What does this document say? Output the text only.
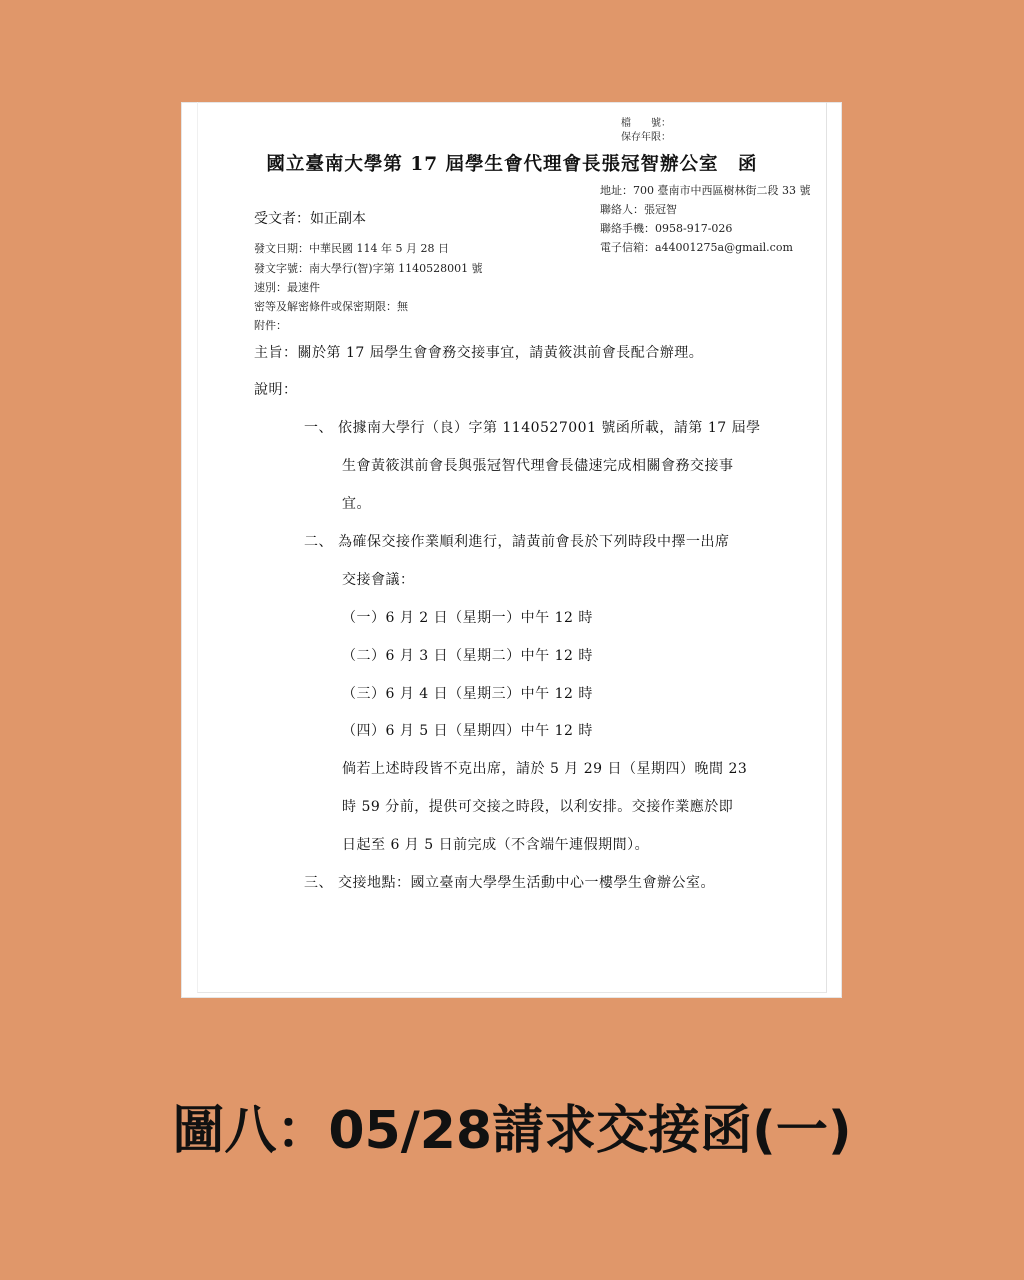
檔　　號：
保存年限：
國立臺南大學第 17 屆學生會代理會長張冠智辦公室　函
地址：700 臺南市中西區樹林街二段 33 號
聯絡人：張冠智
聯絡手機：0958-917-026
電子信箱：a44001275a@gmail.com
受文者：如正副本
發文日期：中華民國 114 年 5 月 28 日
發文字號：南大學行(智)字第 1140528001 號
速別：最速件
密等及解密條件或保密期限：無
附件：
主旨：關於第 17 屆學生會會務交接事宜，請黃筱淇前會長配合辦理。
說明：
一、 依據南大學行（良）字第 1140527001 號函所載，請第 17 屆學
生會黃筱淇前會長與張冠智代理會長儘速完成相關會務交接事
宜。
二、 為確保交接作業順利進行，請黃前會長於下列時段中擇一出席
交接會議：
（一）6 月 2 日（星期一）中午 12 時
（二）6 月 3 日（星期二）中午 12 時
（三）6 月 4 日（星期三）中午 12 時
（四）6 月 5 日（星期四）中午 12 時
倘若上述時段皆不克出席，請於 5 月 29 日（星期四）晚間 23
時 59 分前，提供可交接之時段，以利安排。交接作業應於即
日起至 6 月 5 日前完成（不含端午連假期間）。
三、 交接地點：國立臺南大學學生活動中心一樓學生會辦公室。
圖八：05/28請求交接函(一)
